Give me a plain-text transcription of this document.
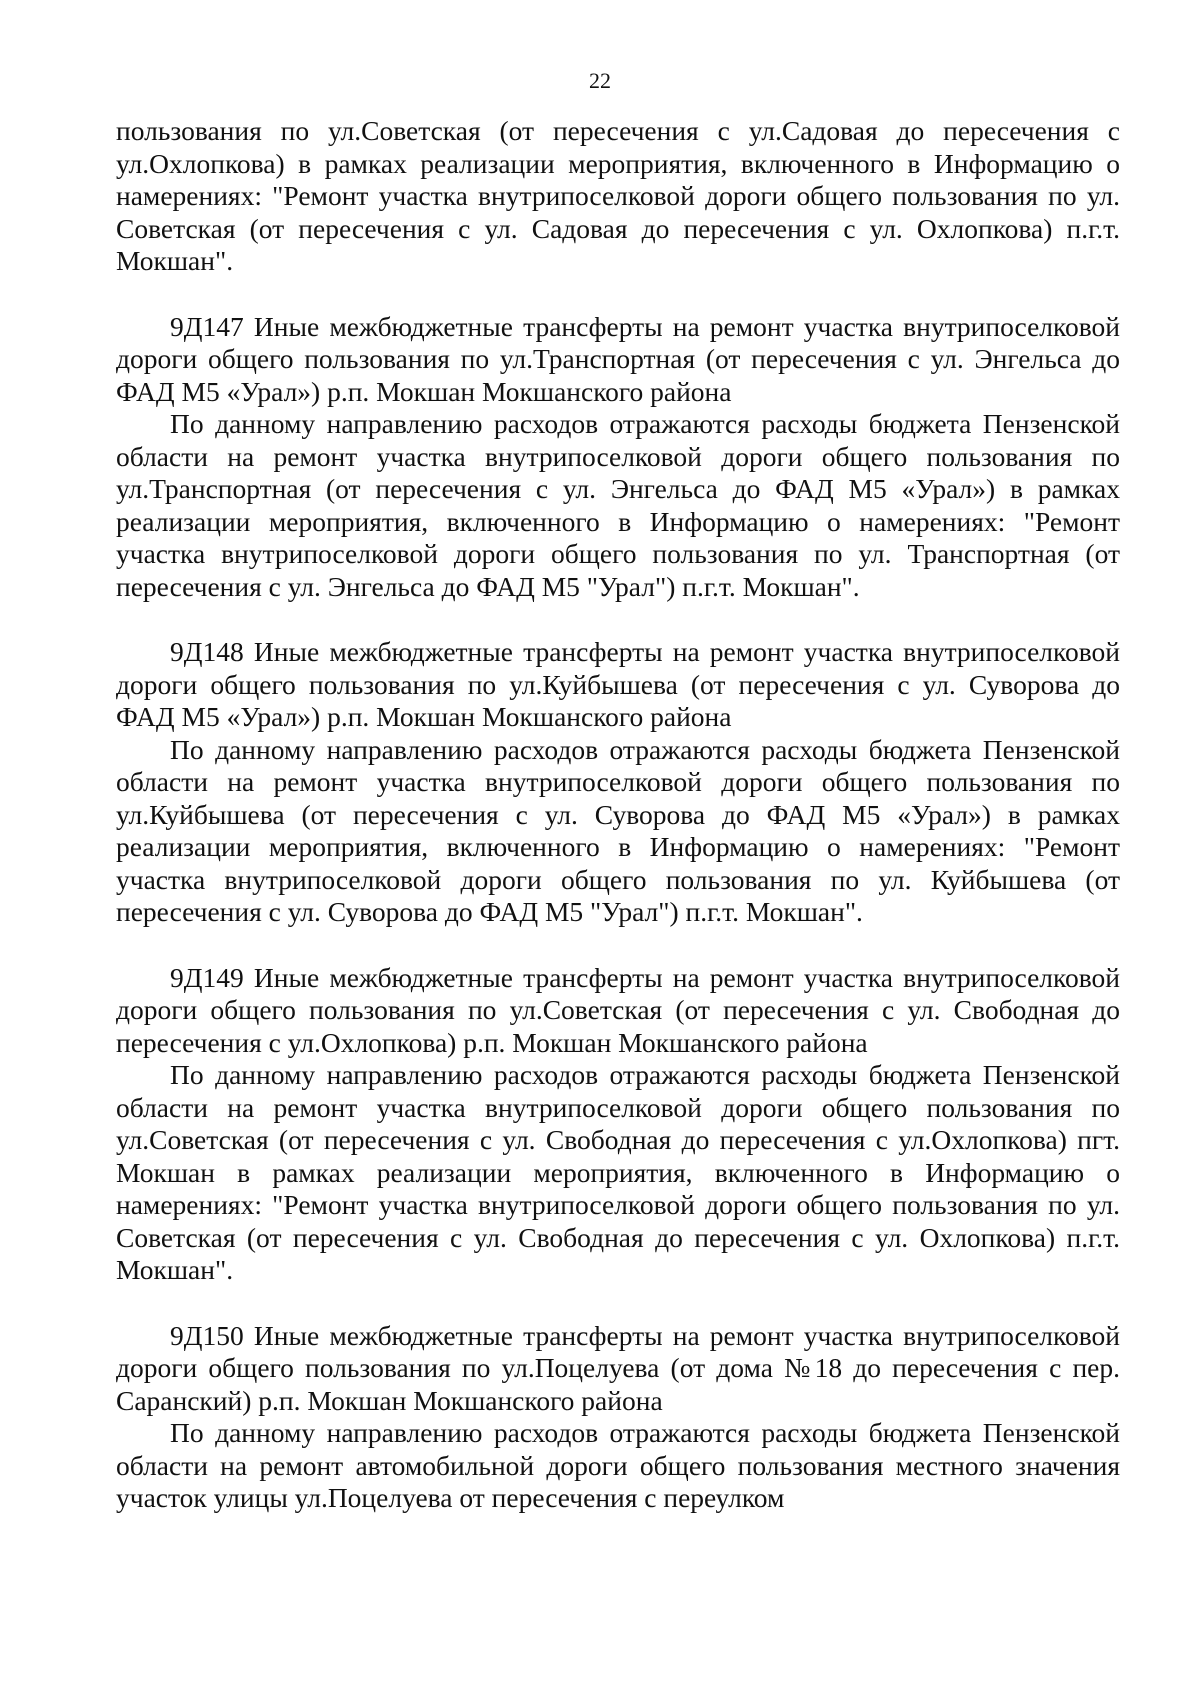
22

пользования по ул.Советская (от пересечения с ул.Садовая до пересечения с ул.Охлопкова) в рамках реализации мероприятия, включенного в Информацию о намерениях: "Ремонт участка внутрипоселковой дороги общего пользования по ул. Советская (от пересечения с ул. Садовая до пересечения с ул. Охлопкова) п.г.т. Мокшан".

9Д147 Иные межбюджетные трансферты на ремонт участка внутрипоселковой дороги общего пользования по ул.Транспортная (от пересечения с ул. Энгельса до ФАД М5 «Урал») р.п. Мокшан Мокшанского района

По данному направлению расходов отражаются расходы бюджета Пензенской области на ремонт участка внутрипоселковой дороги общего пользования по ул.Транспортная (от пересечения с ул. Энгельса до ФАД М5 «Урал») в рамках реализации мероприятия, включенного в Информацию о намерениях: "Ремонт участка внутрипоселковой дороги общего пользования по ул. Транспортная (от пересечения с ул. Энгельса до ФАД М5 "Урал") п.г.т. Мокшан".

9Д148 Иные межбюджетные трансферты на ремонт участка внутрипоселковой дороги общего пользования по ул.Куйбышева (от пересечения с ул. Суворова до ФАД М5 «Урал») р.п. Мокшан Мокшанского района

По данному направлению расходов отражаются расходы бюджета Пензенской области на ремонт участка внутрипоселковой дороги общего пользования по ул.Куйбышева (от пересечения с ул. Суворова до ФАД М5 «Урал») в рамках реализации мероприятия, включенного в Информацию о намерениях: "Ремонт участка внутрипоселковой дороги общего пользования по ул. Куйбышева (от пересечения с ул. Суворова до ФАД М5 "Урал") п.г.т. Мокшан".

9Д149 Иные межбюджетные трансферты на ремонт участка внутрипоселковой дороги общего пользования по ул.Советская (от пересечения с ул. Свободная до пересечения с ул.Охлопкова) р.п. Мокшан Мокшанского района

По данному направлению расходов отражаются расходы бюджета Пензенской области на ремонт участка внутрипоселковой дороги общего пользования по ул.Советская (от пересечения с ул. Свободная до пересечения с ул.Охлопкова) пгт. Мокшан в рамках реализации мероприятия, включенного в Информацию о намерениях: "Ремонт участка внутрипоселковой дороги общего пользования по ул. Советская (от пересечения с ул. Свободная до пересечения с ул. Охлопкова) п.г.т. Мокшан".

9Д150 Иные межбюджетные трансферты на ремонт участка внутрипоселковой дороги общего пользования по ул.Поцелуева (от дома №18 до пересечения с пер. Саранский) р.п. Мокшан Мокшанского района

По данному направлению расходов отражаются расходы бюджета Пензенской области на ремонт автомобильной дороги общего пользования местного значения участок улицы ул.Поцелуева от пересечения с переулком
